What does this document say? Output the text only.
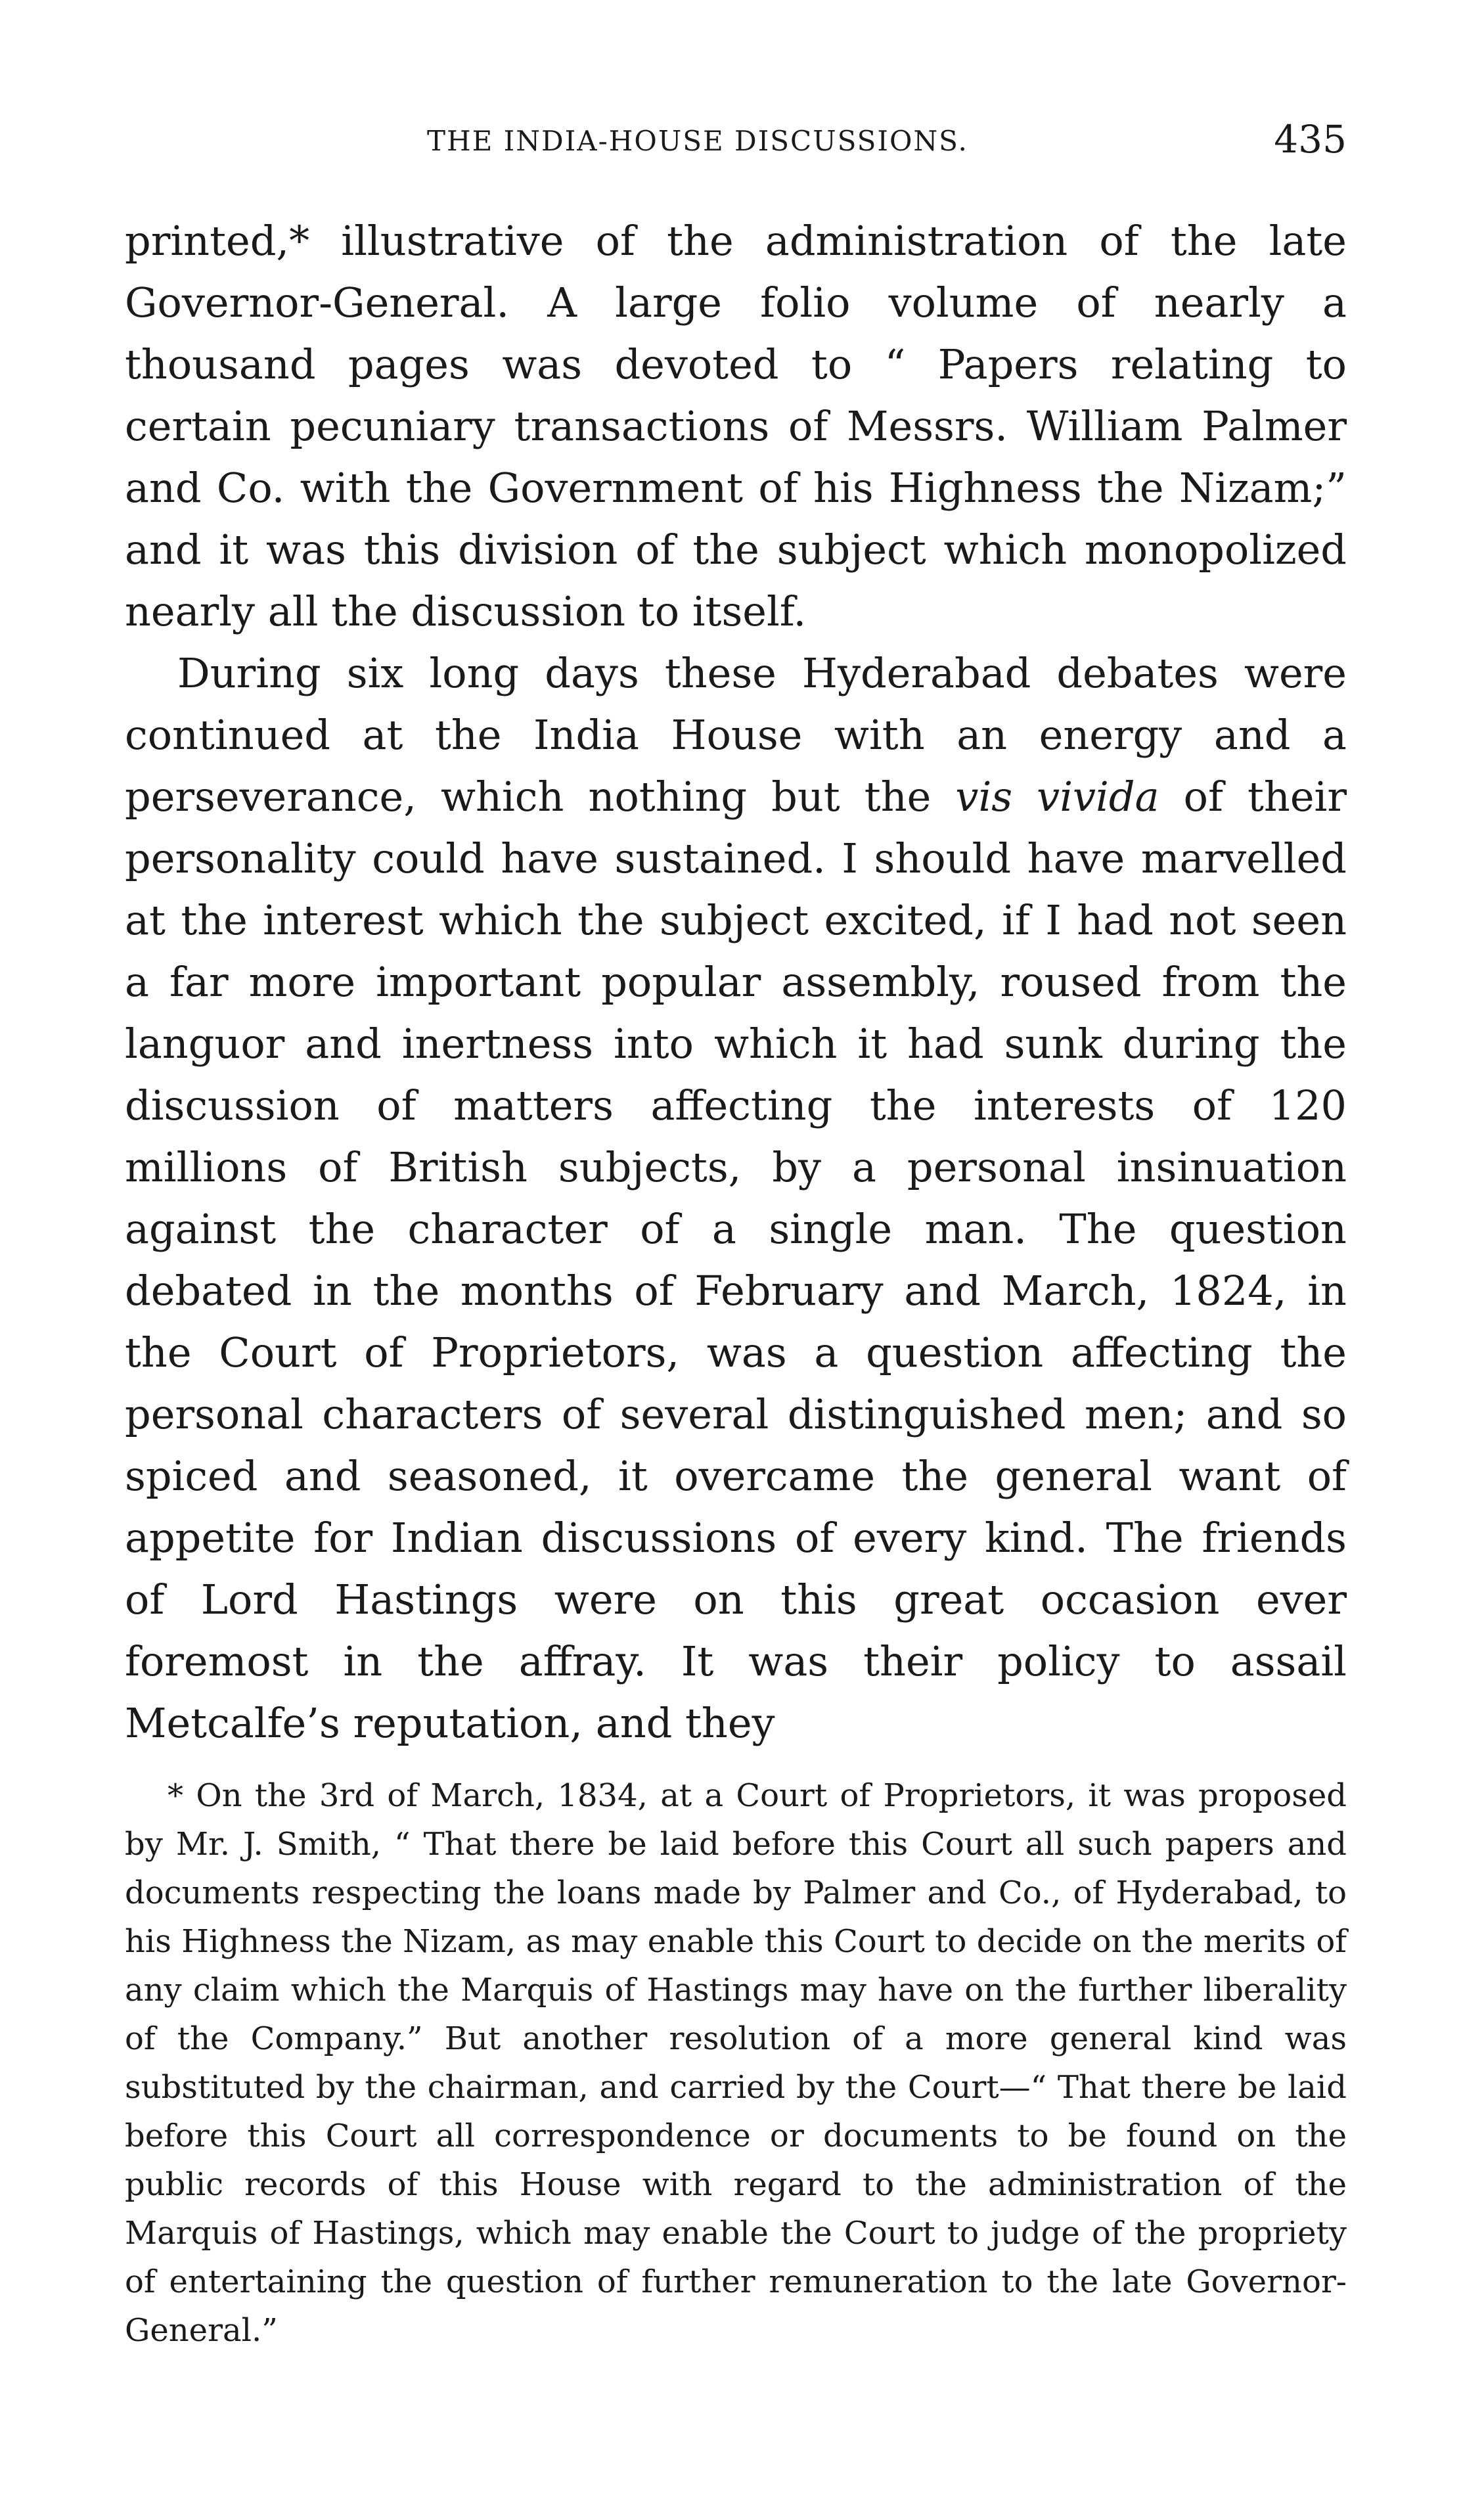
THE INDIA-HOUSE DISCUSSIONS.	435

printed,* illustrative of the administration of the late Governor-General. A large folio volume of nearly a thousand pages was devoted to “ Papers relating to certain pecuniary transactions of Messrs. William Palmer and Co. with the Government of his Highness the Nizam;” and it was this division of the subject which monopolized nearly all the discussion to itself.

During six long days these Hyderabad debates were continued at the India House with an energy and a perseverance, which nothing but the vis vivida of their personality could have sustained. I should have marvelled at the interest which the subject excited, if I had not seen a far more important popular assembly, roused from the languor and inertness into which it had sunk during the discussion of matters affecting the interests of 120 millions of British subjects, by a personal insinuation against the character of a single man. The question debated in the months of February and March, 1824, in the Court of Proprietors, was a question affecting the personal characters of several distinguished men; and so spiced and seasoned, it overcame the general want of appetite for Indian discussions of every kind. The friends of Lord Hastings were on this great occasion ever foremost in the affray. It was their policy to assail Metcalfe’s reputation, and they

* On the 3rd of March, 1834, at a Court of Proprietors, it was proposed by Mr. J. Smith, “ That there be laid before this Court all such papers and documents respecting the loans made by Palmer and Co., of Hyderabad, to his Highness the Nizam, as may enable this Court to decide on the merits of any claim which the Marquis of Hastings may have on the further liberality of the Company.” But another resolution of a more general kind was substituted by the chairman, and carried by the Court—“ That there be laid before this Court all correspondence or documents to be found on the public records of this House with regard to the administration of the Marquis of Hastings, which may enable the Court to judge of the propriety of entertaining the question of further remuneration to the late Governor-General.”
